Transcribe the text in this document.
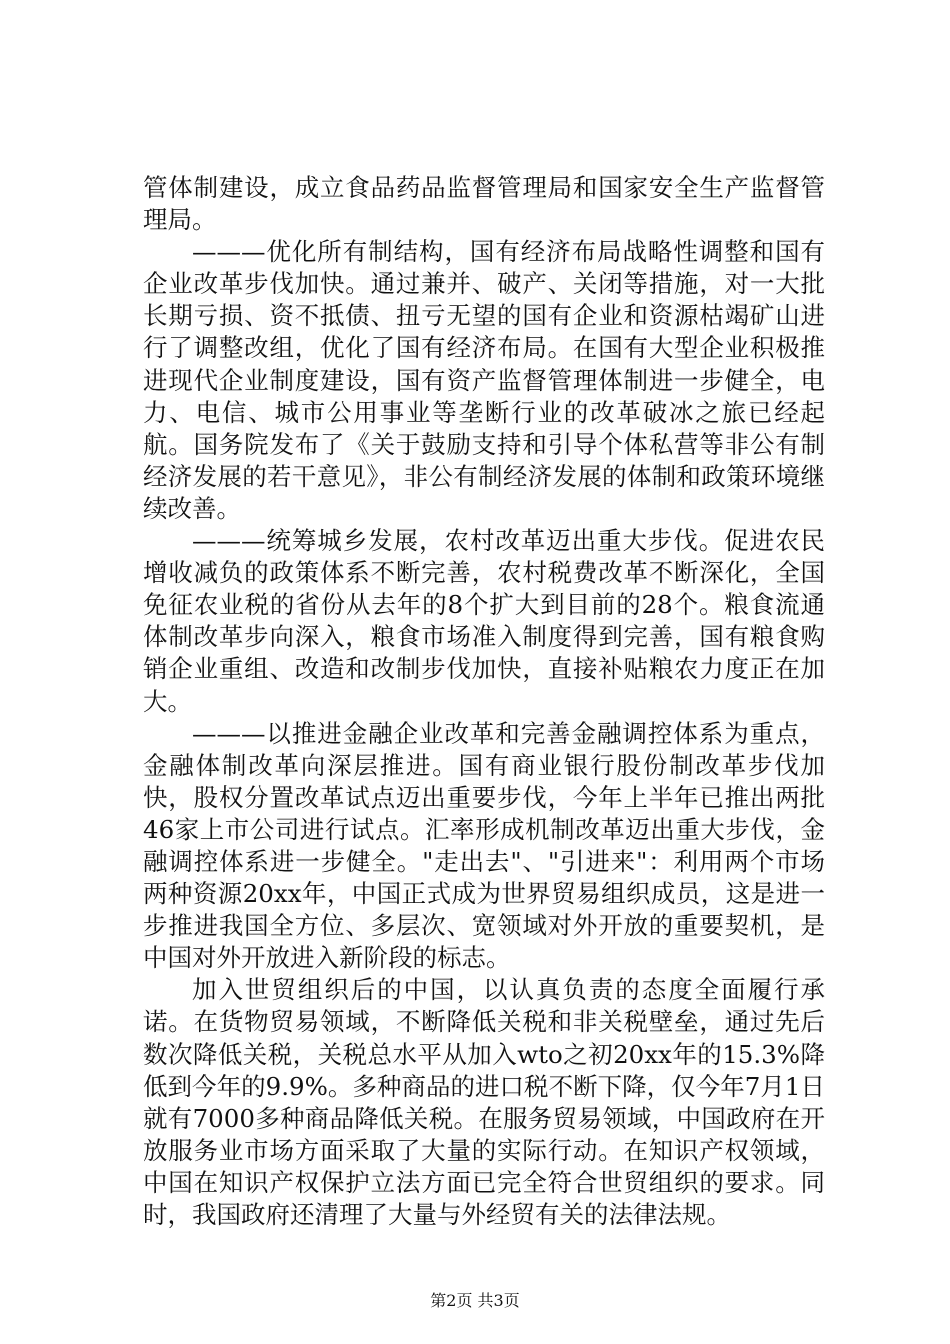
管体制建设，成立食品药品监督管理局和国家安全生产监督管理局。

———优化所有制结构，国有经济布局战略性调整和国有企业改革步伐加快。通过兼并、破产、关闭等措施，对一大批长期亏损、资不抵债、扭亏无望的国有企业和资源枯竭矿山进行了调整改组，优化了国有经济布局。在国有大型企业积极推进现代企业制度建设，国有资产监督管理体制进一步健全，电力、电信、城市公用事业等垄断行业的改革破冰之旅已经起航。国务院发布了《关于鼓励支持和引导个体私营等非公有制经济发展的若干意见》，非公有制经济发展的体制和政策环境继续改善。

———统筹城乡发展，农村改革迈出重大步伐。促进农民增收减负的政策体系不断完善，农村税费改革不断深化，全国免征农业税的省份从去年的8个扩大到目前的28个。粮食流通体制改革步向深入，粮食市场准入制度得到完善，国有粮食购销企业重组、改造和改制步伐加快，直接补贴粮农力度正在加大。

———以推进金融企业改革和完善金融调控体系为重点，金融体制改革向深层推进。国有商业银行股份制改革步伐加快，股权分置改革试点迈出重要步伐，今年上半年已推出两批46家上市公司进行试点。汇率形成机制改革迈出重大步伐，金融调控体系进一步健全。"走出去"、"引进来"：利用两个市场两种资源20xx年，中国正式成为世界贸易组织成员，这是进一步推进我国全方位、多层次、宽领域对外开放的重要契机，是中国对外开放进入新阶段的标志。

加入世贸组织后的中国，以认真负责的态度全面履行承诺。在货物贸易领域，不断降低关税和非关税壁垒，通过先后数次降低关税，关税总水平从加入wto之初20xx年的15.3%降低到今年的9.9%。多种商品的进口税不断下降，仅今年7月1日就有7000多种商品降低关税。在服务贸易领域，中国政府在开放服务业市场方面采取了大量的实际行动。在知识产权领域，中国在知识产权保护立法方面已完全符合世贸组织的要求。同时，我国政府还清理了大量与外经贸有关的法律法规。

第2页 共3页
